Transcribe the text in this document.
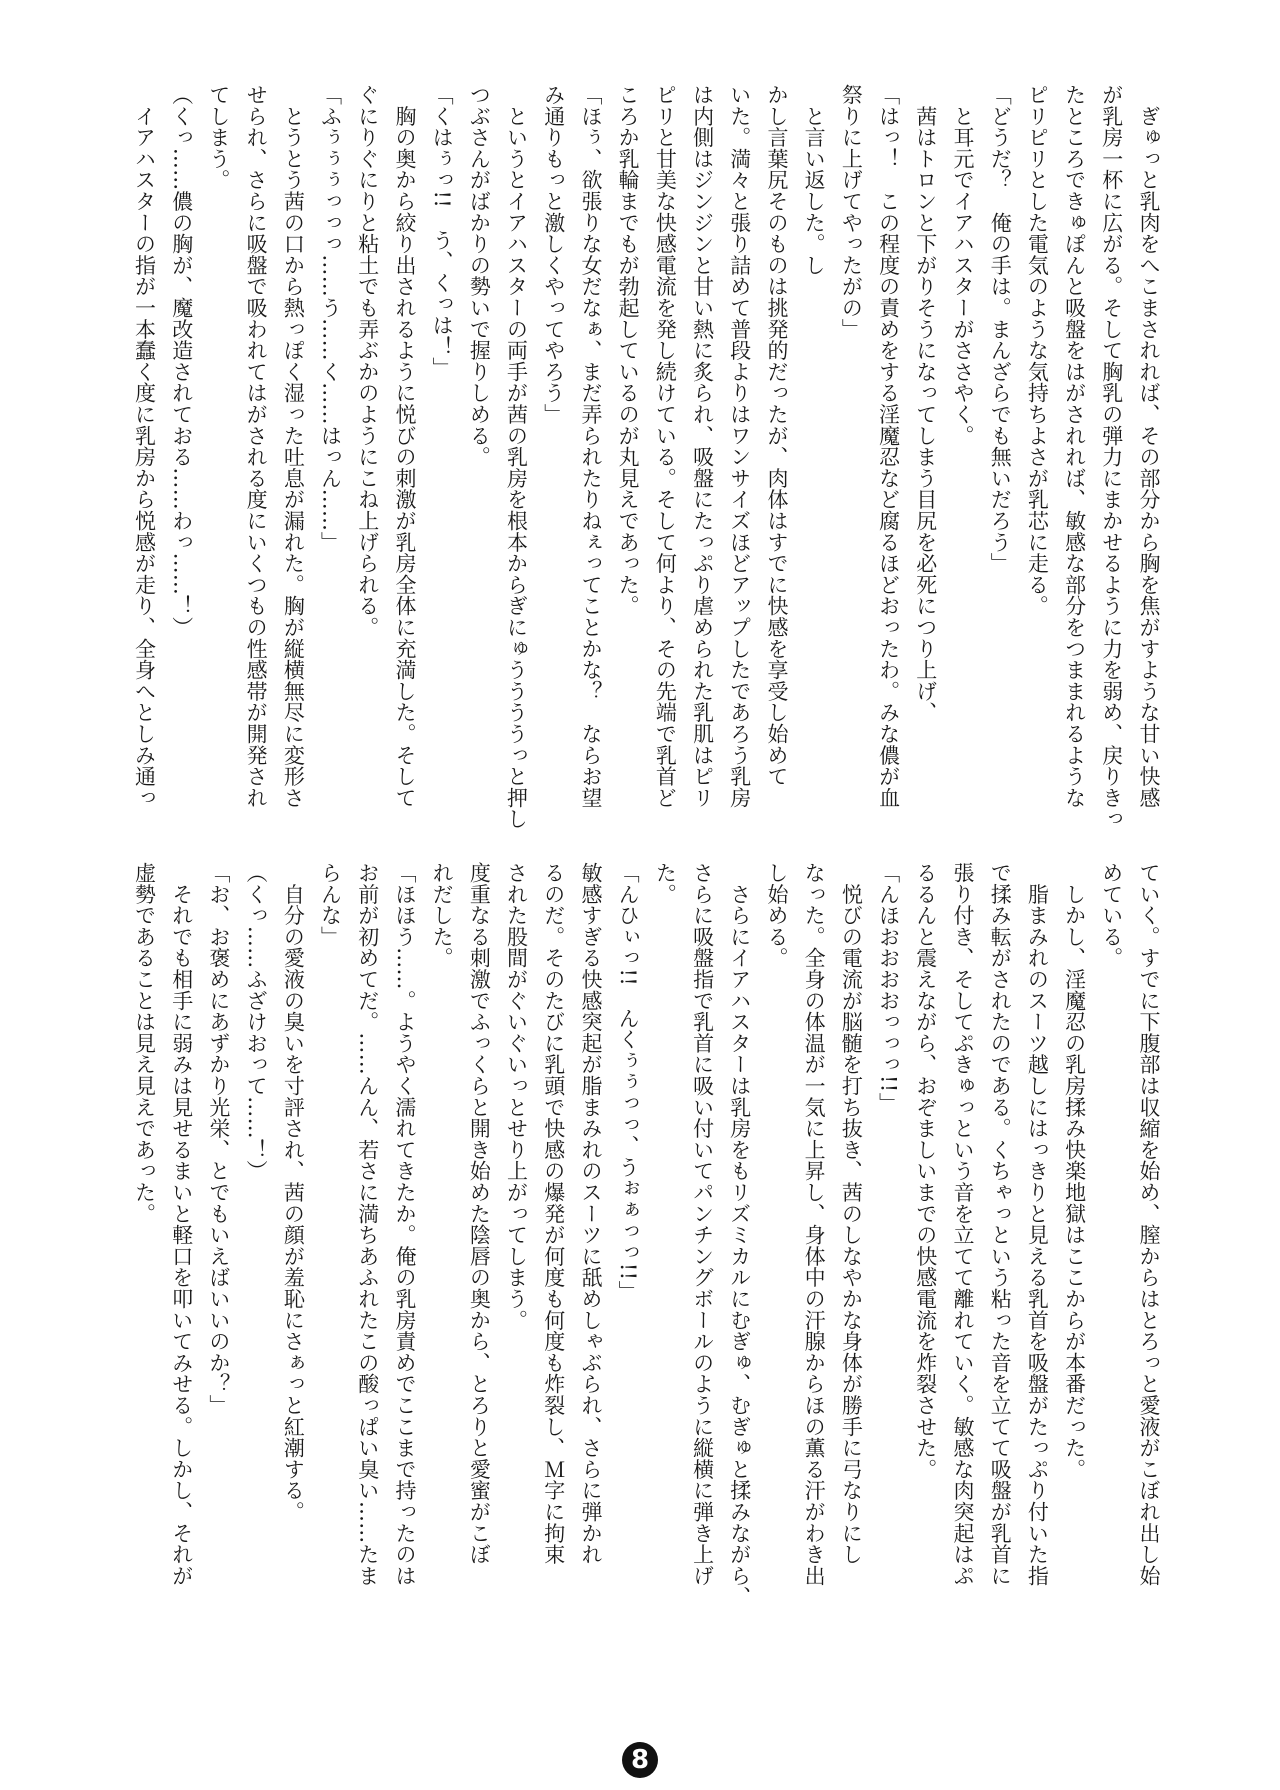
　ぎゅっと乳肉をへこまされれば、その部分から胸を焦がすような甘い快感
が乳房一杯に広がる。そして胸乳の弾力にまかせるように力を弱め、戻りきっ
たところできゅぽんと吸盤をはがされれば、敏感な部分をつままれるような
ピリピリとした電気のような気持ちよさが乳芯に走る。
「どうだ？　俺の手は。まんざらでも無いだろう」
　と耳元でイアハスターがささやく。
　茜はトロンと下がりそうになってしまう目尻を必死につり上げ、
「はっ！　この程度の責めをする淫魔忍など腐るほどおったわ。みな儂が血
祭りに上げてやったがの」
　と言い返した。し
かし言葉尻そのものは挑発的だったが、肉体はすでに快感を享受し始めて
いた。満々と張り詰めて普段よりはワンサイズほどアップしたであろう乳房
は内側はジンジンと甘い熱に炙られ、吸盤にたっぷり虐められた乳肌はピリ
ピリと甘美な快感電流を発し続けている。そして何より、その先端で乳首ど
ころか乳輪までもが勃起しているのが丸見えであった。
「ほぅ、欲張りな女だなぁ、まだ弄られたりねぇってことかな？　ならお望
み通りもっと激しくやってやろう」
　というとイアハスターの両手が茜の乳房を根本からぎにゅううううっと押し
つぶさんがばかりの勢いで握りしめる。
「くはぅっ!!　う、くっは！」
　胸の奥から絞り出されるように悦びの刺激が乳房全体に充満した。そして
ぐにりぐにりと粘土でも弄ぶかのようにこね上げられる。
「ふぅぅぅっっっ……う……く……はっん……」
　とうとう茜の口から熱っぽく湿った吐息が漏れた。胸が縦横無尽に変形さ
せられ、さらに吸盤で吸われてはがされる度にいくつもの性感帯が開発され
てしまう。
（くっ……儂の胸が、魔改造されておる……わっ……！）
　イアハスターの指が一本蠢く度に乳房から悦感が走り、全身へとしみ通っ
ていく。すでに下腹部は収縮を始め、膣からはとろっと愛液がこぼれ出し始
めている。
　しかし、淫魔忍の乳房揉み快楽地獄はここからが本番だった。
　脂まみれのスーツ越しにはっきりと見える乳首を吸盤がたっぷり付いた指
で揉み転がされたのである。くちゃっという粘った音を立てて吸盤が乳首に
張り付き、そしてぷきゅっという音を立てて離れていく。敏感な肉突起はぷ
るるんと震えながら、おぞましいまでの快感電流を炸裂させた。
「んほおおおおっっっ!!」
　悦びの電流が脳髄を打ち抜き、茜のしなやかな身体が勝手に弓なりにし
なった。全身の体温が一気に上昇し、身体中の汗腺からほの薫る汗がわき出
し始める。
　さらにイアハスターは乳房をもリズミカルにむぎゅ、むぎゅと揉みながら、
さらに吸盤指で乳首に吸い付いてパンチングボールのように縦横に弾き上げ
た。
「んひぃっ!!　んくぅぅっっ、うぉぁっっ!!」
敏感すぎる快感突起が脂まみれのスーツに舐めしゃぶられ、さらに弾かれ
るのだ。そのたびに乳頭で快感の爆発が何度も何度も炸裂し、Ｍ字に拘束
された股間がぐいぐいっとせり上がってしまう。
度重なる刺激でふっくらと開き始めた陰唇の奥から、とろりと愛蜜がこぼ
れだした。
「ほほう……。ようやく濡れてきたか。俺の乳房責めでここまで持ったのは
お前が初めてだ。……んん、若さに満ちあふれたこの酸っぱい臭い……たま
らんな」
　自分の愛液の臭いを寸評され、茜の顔が羞恥にさぁっと紅潮する。
（くっ……ふざけおって……！）
「お、お褒めにあずかり光栄、とでもいえばいいのか？」
　それでも相手に弱みは見せるまいと軽口を叩いてみせる。しかし、それが
虚勢であることは見え見えであった。
8
